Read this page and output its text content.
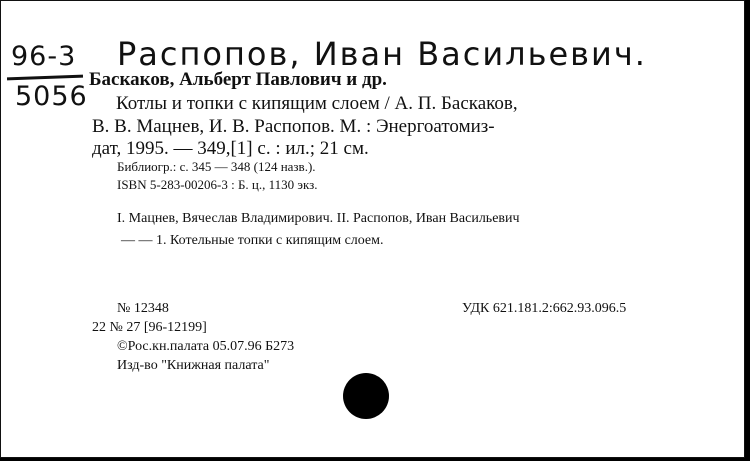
96-3
5056
Распопов, Иван Васильевич.
Баскаков, Альберт Павлович и др.
Котлы и топки с кипящим слоем / А. П. Баскаков,
В. В. Мацнев, И. В. Распопов. М. : Энергоатомиз-
дат, 1995. — 349,[1] с. : ил.; 21 см.
Библиогр.: с. 345 — 348 (124 назв.).
ISBN 5-283-00206-3 : Б. ц., 1130 экз.
I. Мацнев, Вячеслав Владимирович. II. Распопов, Иван Васильевич
— — 1. Котельные топки с кипящим слоем.
№ 12348	УДК 621.181.2:662.93.096.5
22 № 27 [96-12199]
©Рос.кн.палата 05.07.96 Б273
Изд-во "Книжная палата"
